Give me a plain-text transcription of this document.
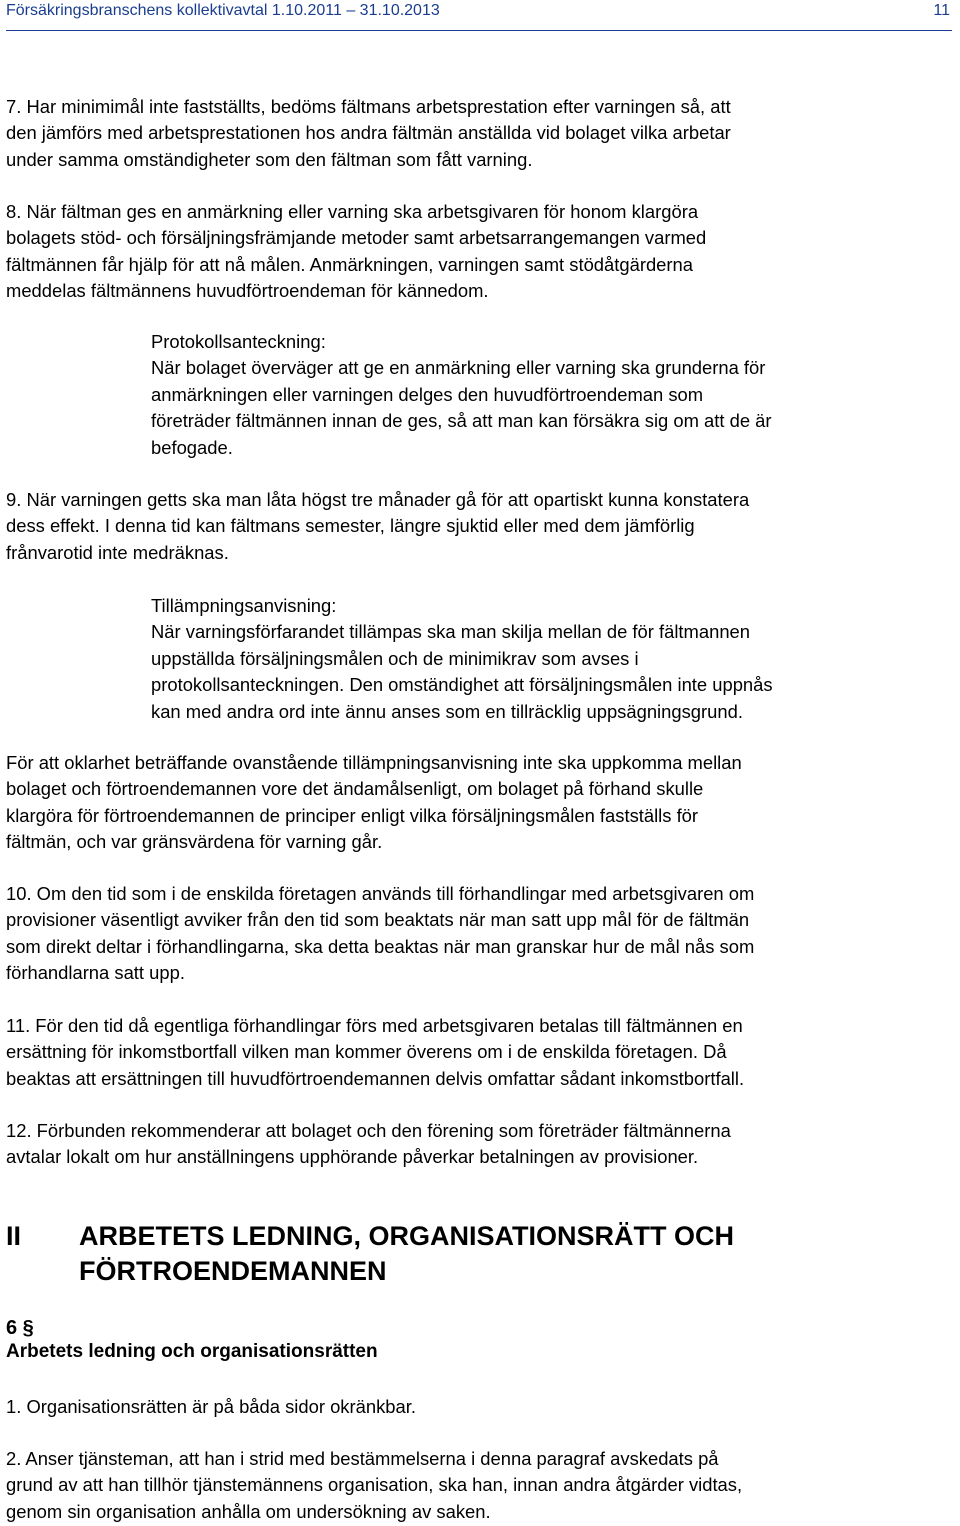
Försäkringsbranschens kollektivavtal 1.10.2011 – 31.10.2013	11
7. Har minimimål inte fastställts, bedöms fältmans arbetsprestation efter varningen så, att
den jämförs med arbetsprestationen hos andra fältmän anställda vid bolaget vilka arbetar
under samma omständigheter som den fältman som fått varning.
8. När fältman ges en anmärkning eller varning ska arbetsgivaren för honom klargöra
bolagets stöd- och försäljningsfrämjande metoder samt arbetsarrangemangen varmed
fältmännen får hjälp för att nå målen. Anmärkningen, varningen samt stödåtgärderna
meddelas fältmännens huvudförtroendeman för kännedom.
Protokollsanteckning:
När bolaget överväger att ge en anmärkning eller varning ska grunderna för
anmärkningen eller varningen delges den huvudförtroendeman som
företräder fältmännen innan de ges, så att man kan försäkra sig om att de är
befogade.
9. När varningen getts ska man låta högst tre månader gå för att opartiskt kunna konstatera
dess effekt. I denna tid kan fältmans semester, längre sjuktid eller med dem jämförlig
frånvarotid inte medräknas.
Tillämpningsanvisning:
När varningsförfarandet tillämpas ska man skilja mellan de för fältmannen
uppställda försäljningsmålen och de minimikrav som avses i
protokollsanteckningen. Den omständighet att försäljningsmålen inte uppnås
kan med andra ord inte ännu anses som en tillräcklig uppsägningsgrund.
För att oklarhet beträffande ovanstående tillämpningsanvisning inte ska uppkomma mellan
bolaget och förtroendemannen vore det ändamålsenligt, om bolaget på förhand skulle
klargöra för förtroendemannen de principer enligt vilka försäljningsmålen fastställs för
fältmän, och var gränsvärdena för varning går.
10. Om den tid som i de enskilda företagen används till förhandlingar med arbetsgivaren om
provisioner väsentligt avviker från den tid som beaktats när man satt upp mål för de fältmän
som direkt deltar i förhandlingarna, ska detta beaktas när man granskar hur de mål nås som
förhandlarna satt upp.
11. För den tid då egentliga förhandlingar förs med arbetsgivaren betalas till fältmännen en
ersättning för inkomstbortfall vilken man kommer överens om i de enskilda företagen. Då
beaktas att ersättningen till huvudförtroendemannen delvis omfattar sådant inkomstbortfall.
12. Förbunden rekommenderar att bolaget och den förening som företräder fältmännerna
avtalar lokalt om hur anställningens upphörande påverkar betalningen av provisioner.
II ARBETETS LEDNING, ORGANISATIONSRÄTT OCH
FÖRTROENDEMANNEN
6 §
Arbetets ledning och organisationsrätten
1. Organisationsrätten är på båda sidor okränkbar.
2. Anser tjänsteman, att han i strid med bestämmelserna i denna paragraf avskedats på
grund av att han tillhör tjänstemännens organisation, ska han, innan andra åtgärder vidtas,
genom sin organisation anhålla om undersökning av saken.
